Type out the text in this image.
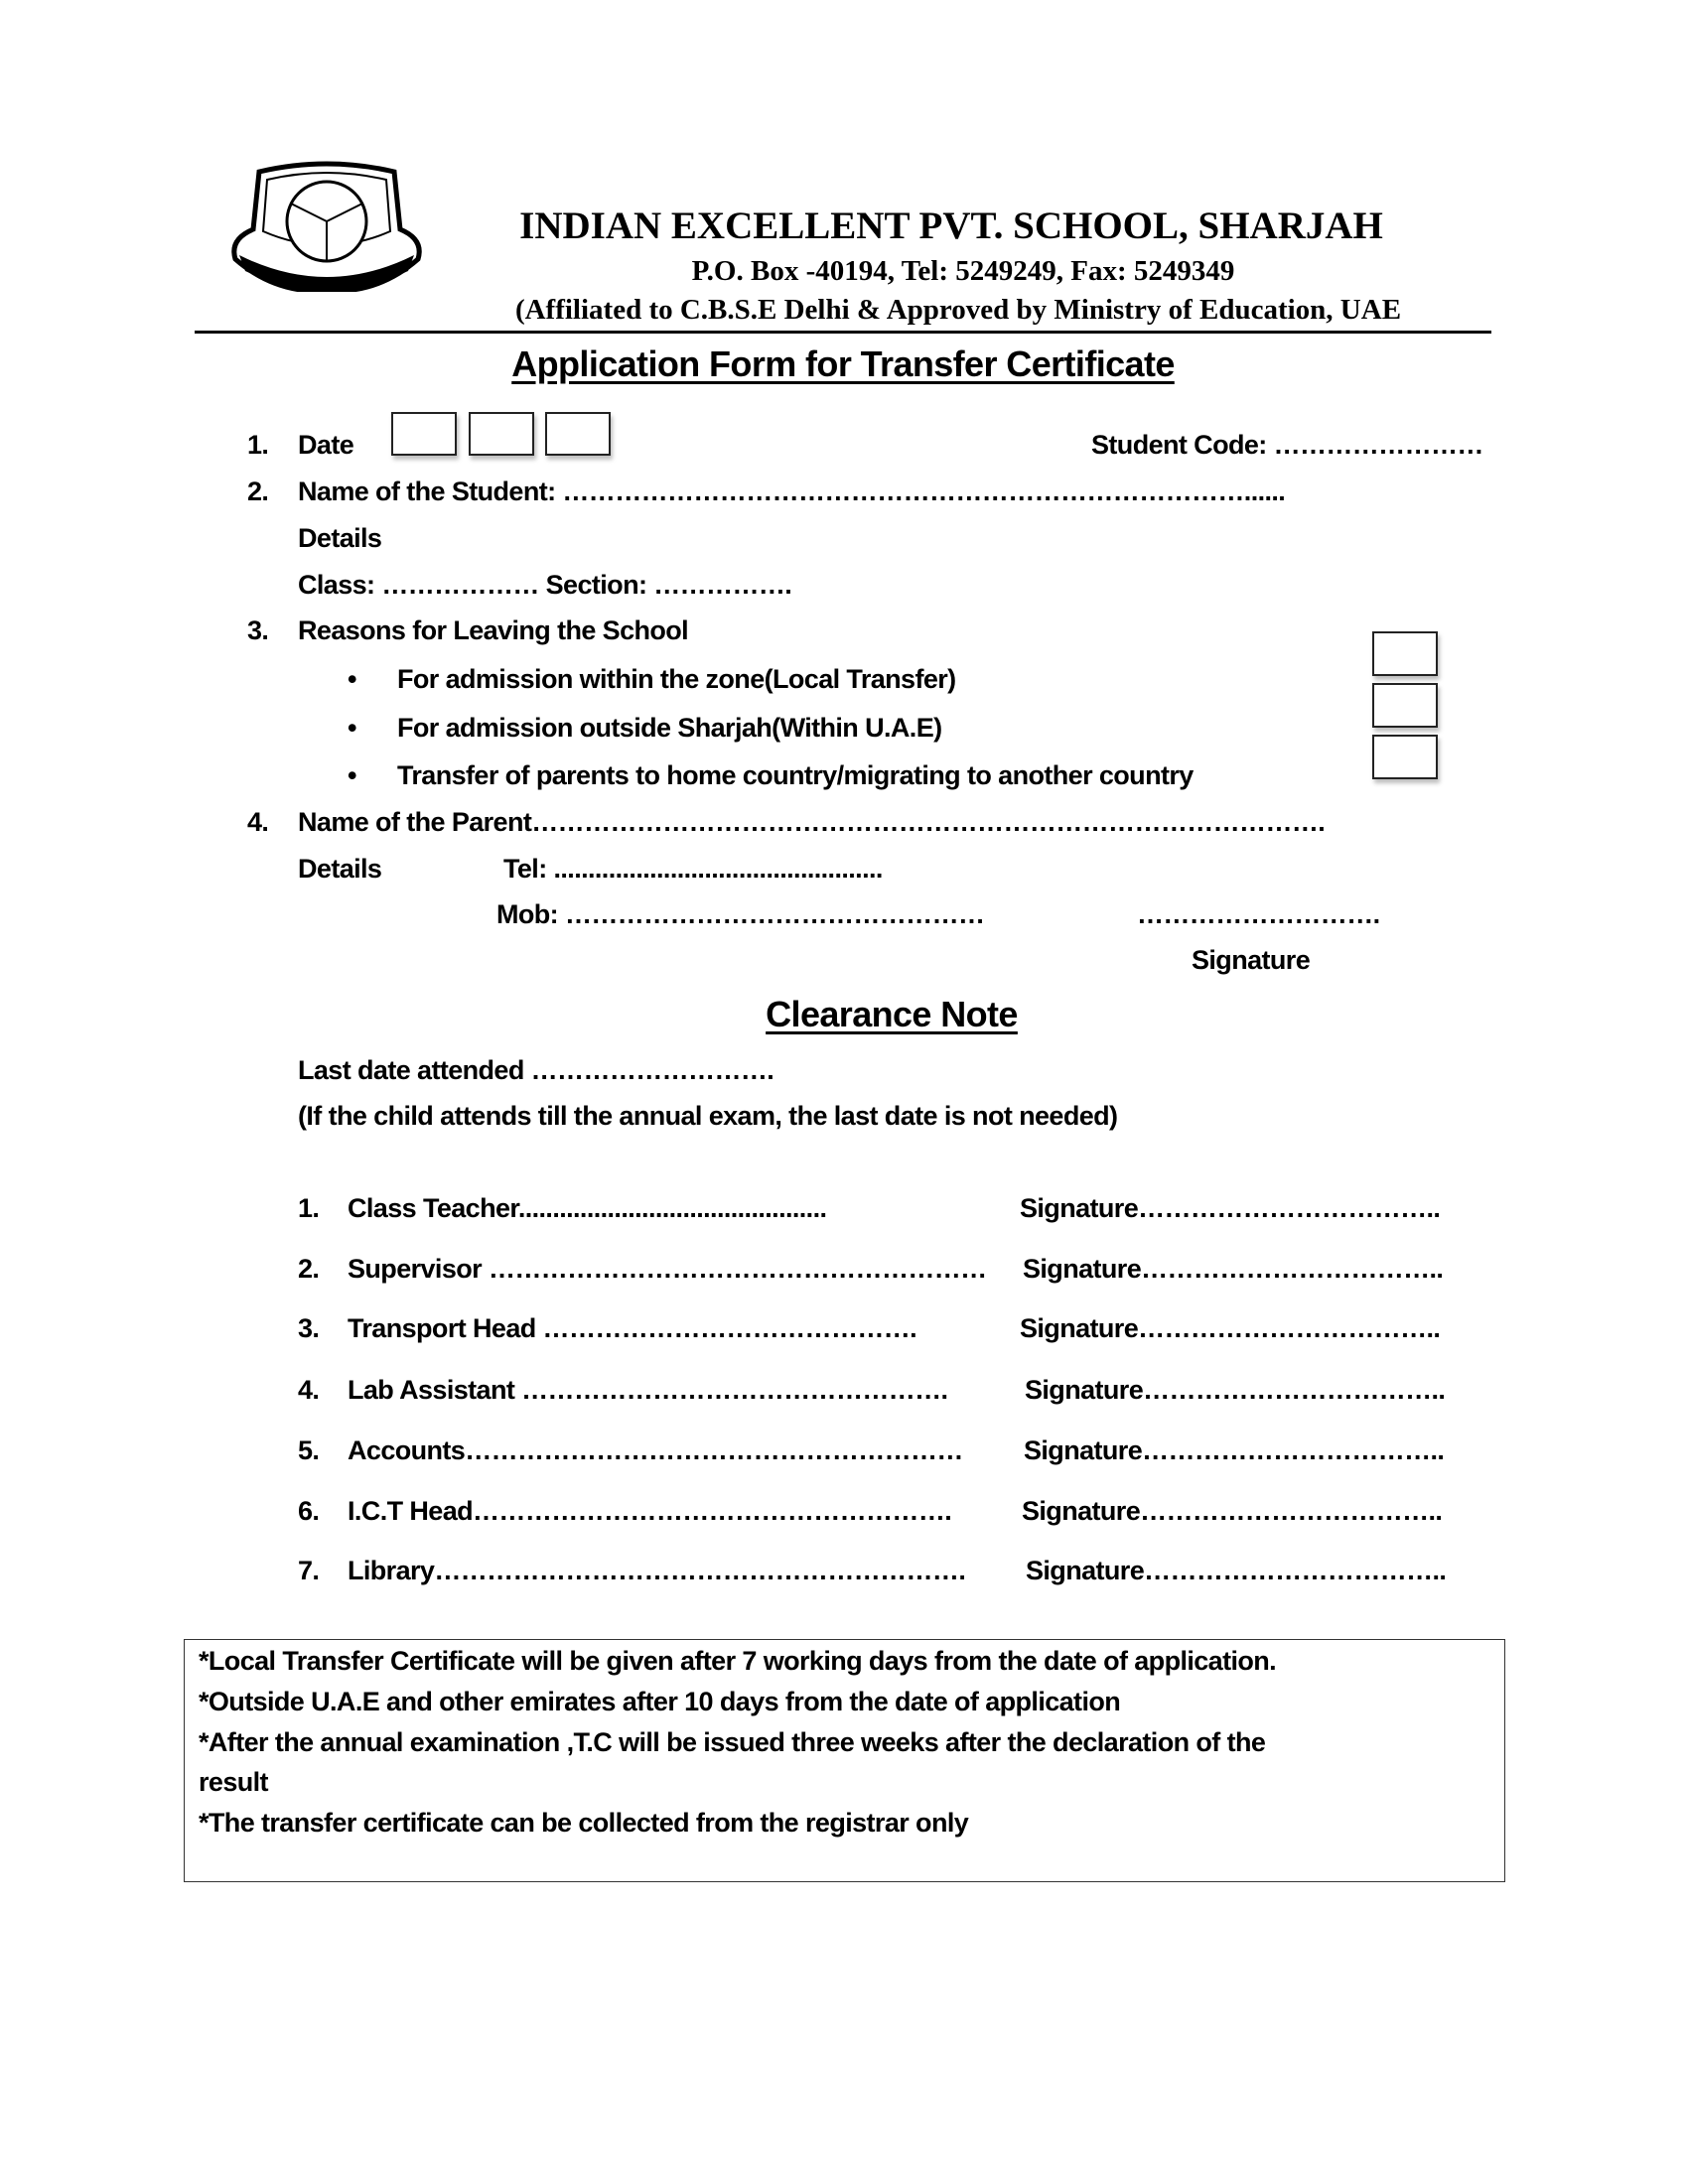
INDIAN EXCELLENT PVT. SCHOOL, SHARJAH
P.O. Box -40194, Tel: 5249249, Fax: 5249349
(Affiliated to C.B.S.E Delhi & Approved by Ministry of Education, UAE
Application Form for Transfer Certificate
1. Date	Student Code: ……………………
2. Name of the Student: ……………………………………………………………………......
Details
Class: ……………… Section: …………….
3. Reasons for Leaving the School
• For admission within the zone(Local Transfer)
• For admission outside Sharjah(Within U.A.E)
• Transfer of parents to home country/migrating to another country
4. Name of the Parent……………………………………………………………………………….
Details	Tel: ................................................
Mob: …………………………………………	……………………….
Signature
Clearance Note
Last date attended ……………………….
(If the child attends till the annual exam, the last date is not needed)
1. Class Teacher.............................................	Signature……………………………..
2. Supervisor ………………………………………………… Signature……………………………..
3. Transport Head …………………………………….	Signature……………………………..
4. Lab Assistant ………………………………………….	Signature……………………………..
5. Accounts………………………………………………… Signature……………………………..
6. I.C.T Head……………………………………………….	Signature……………………………..
7. Library……………………………………………………. Signature……………………………..
*Local Transfer Certificate will be given after 7 working days from the date of application.
*Outside U.A.E and other emirates after 10 days from the date of application
*After the annual examination ,T.C will be issued three weeks after the declaration of the
result
*The transfer certificate can be collected from the registrar only
